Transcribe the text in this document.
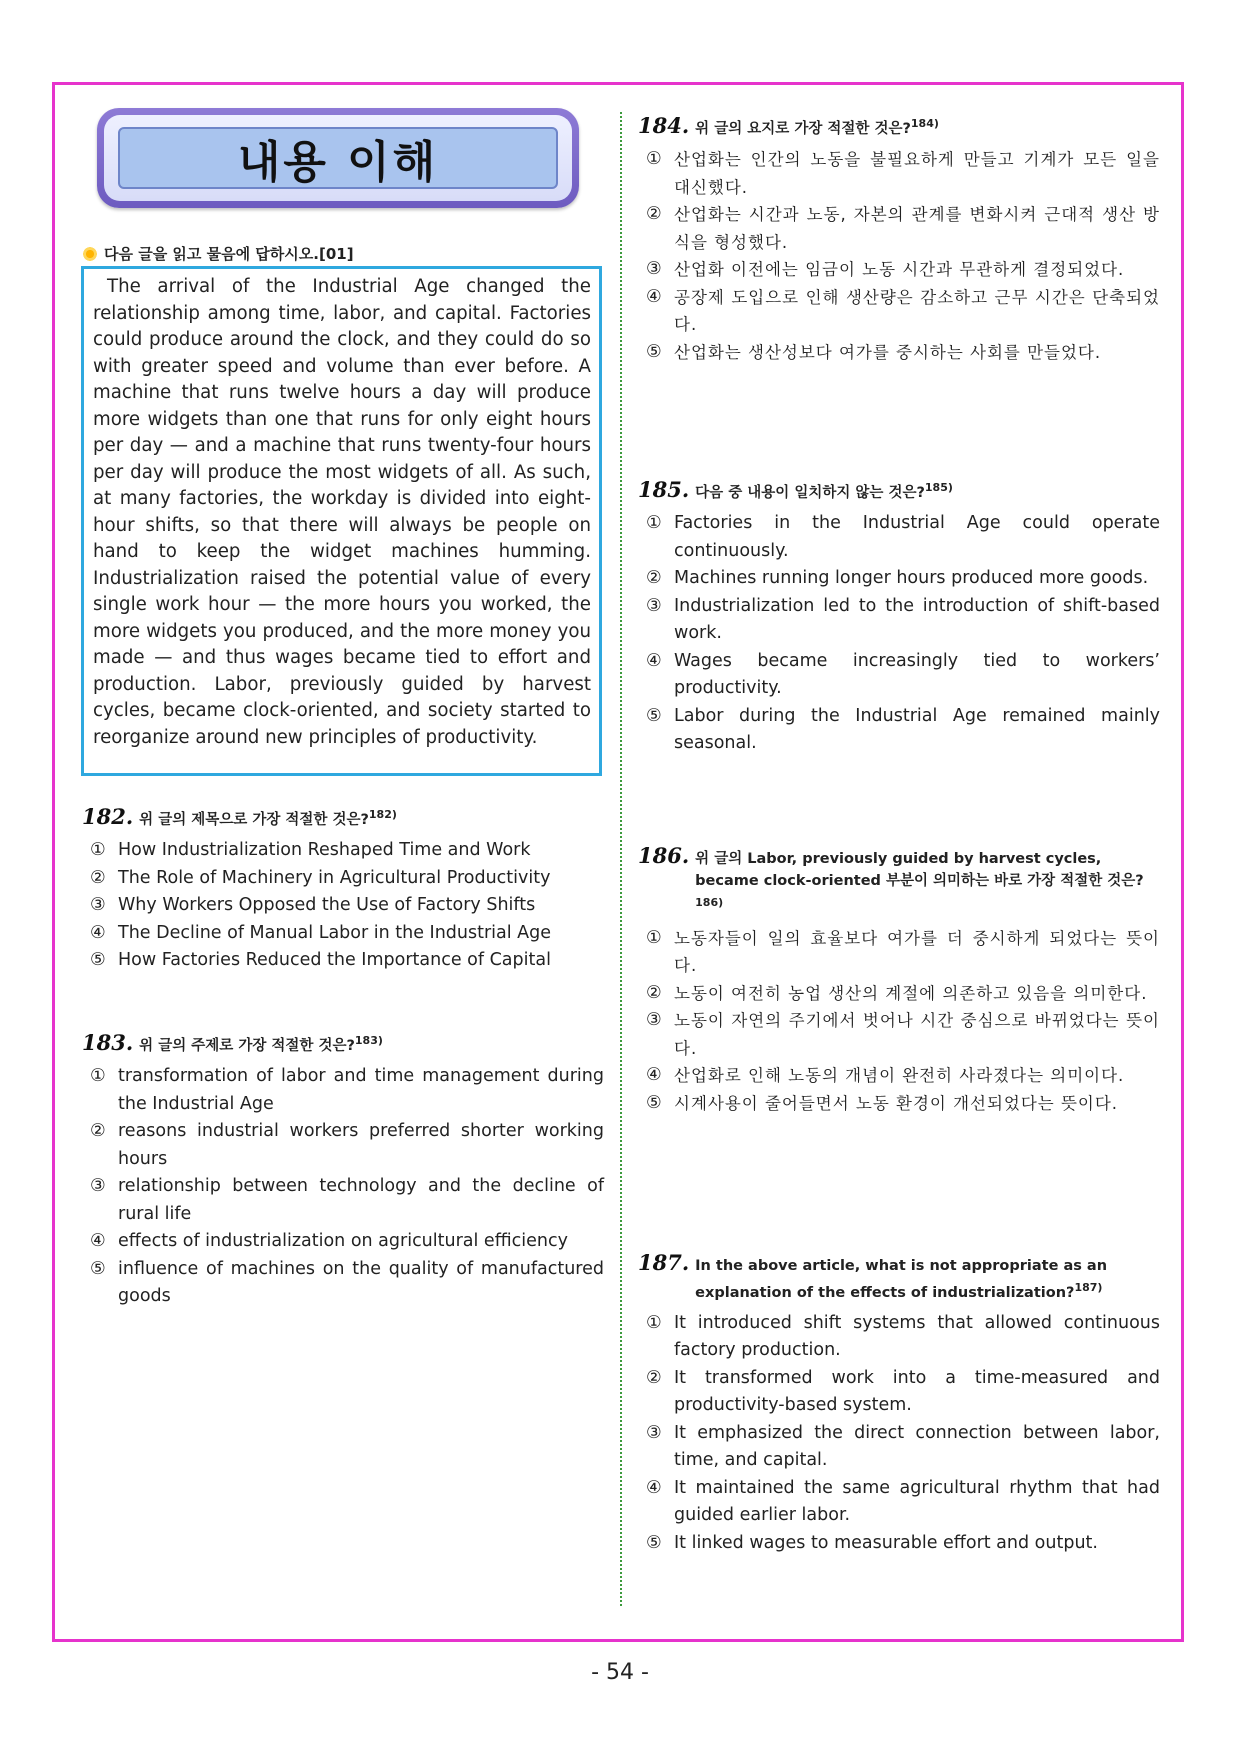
내용 이해
다음 글을 읽고 물음에 답하시오.[01]

The arrival of the Industrial Age changed the relationship among time, labor, and capital. Factories could produce around the clock, and they could do so with greater speed and volume than ever before. A machine that runs twelve hours a day will produce more widgets than one that runs for only eight hours per day — and a machine that runs twenty-four hours per day will produce the most widgets of all. As such, at many factories, the workday is divided into eight-hour shifts, so that there will always be people on hand to keep the widget machines humming. Industrialization raised the potential value of every single work hour — the more hours you worked, the more widgets you produced, and the more money you made — and thus wages became tied to effort and production. Labor, previously guided by harvest cycles, became clock-oriented, and society started to reorganize around new principles of productivity.

182. 위 글의 제목으로 가장 적절한 것은?$^{182)}$
① How Industrialization Reshaped Time and Work
② The Role of Machinery in Agricultural Productivity
③ Why Workers Opposed the Use of Factory Shifts
④ The Decline of Manual Labor in the Industrial Age
⑤ How Factories Reduced the Importance of Capital
183. 위 글의 주제로 가장 적절한 것은?$^{183)}$
① transformation of labor and time management during the Industrial Age
② reasons industrial workers preferred shorter working hours
③ relationship between technology and the decline of rural life
④ effects of industrialization on agricultural efficiency
⑤ influence of machines on the quality of manufactured goods
184. 위 글의 요지로 가장 적절한 것은?$^{184)}$
① 산업화는 인간의 노동을 불필요하게 만들고 기계가 모든 일을 대신했다.
② 산업화는 시간과 노동, 자본의 관계를 변화시켜 근대적 생산 방식을 형성했다.
③ 산업화 이전에는 임금이 노동 시간과 무관하게 결정되었다.
④ 공장제 도입으로 인해 생산량은 감소하고 근무 시간은 단축되었다.
⑤ 산업화는 생산성보다 여가를 중시하는 사회를 만들었다.
185. 다음 중 내용이 일치하지 않는 것은?$^{185)}$
① Factories in the Industrial Age could operate continuously.
② Machines running longer hours produced more goods.
③ Industrialization led to the introduction of shift-based work.
④ Wages became increasingly tied to workers’ productivity.
⑤ Labor during the Industrial Age remained mainly seasonal.
186. 위 글의 Labor, previously guided by harvest cycles, became clock-oriented 부분이 의미하는 바로 가장 적절한 것은?$^{186)}$
① 노동자들이 일의 효율보다 여가를 더 중시하게 되었다는 뜻이다.
② 노동이 여전히 농업 생산의 계절에 의존하고 있음을 의미한다.
③ 노동이 자연의 주기에서 벗어나 시간 중심으로 바뀌었다는 뜻이다.
④ 산업화로 인해 노동의 개념이 완전히 사라졌다는 의미이다.
⑤ 시계사용이 줄어들면서 노동 환경이 개선되었다는 뜻이다.
187. In the above article, what is not appropriate as an explanation of the effects of industrialization?$^{187)}$
① It introduced shift systems that allowed continuous factory production.
② It transformed work into a time-measured and productivity-based system.
③ It emphasized the direct connection between labor, time, and capital.
④ It maintained the same agricultural rhythm that had guided earlier labor.
⑤ It linked wages to measurable effort and output.
- 54 -
